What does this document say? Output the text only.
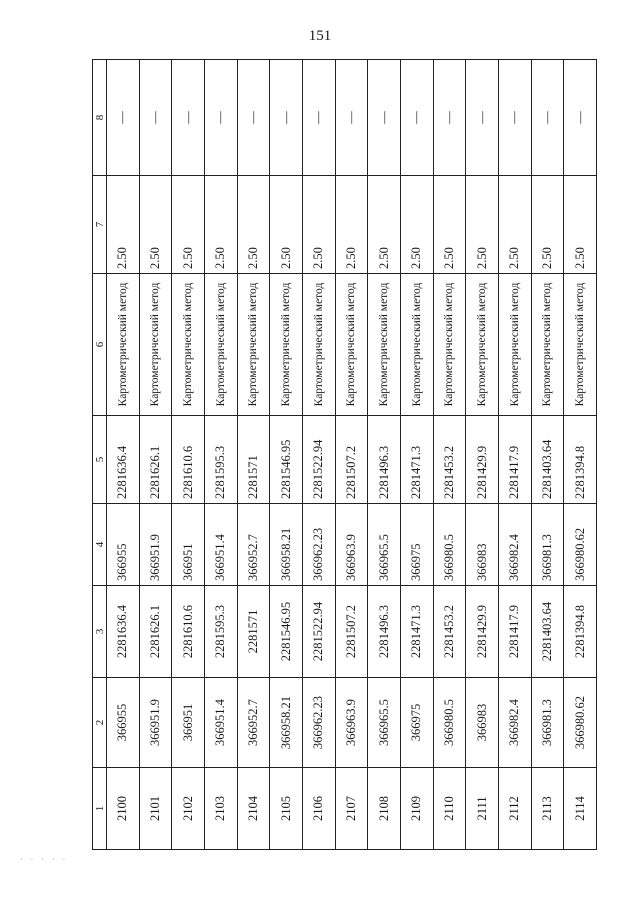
151
1	2	3	4	5	6	7	8
2100	366955	2281636.4	366955	2281636.4	Картометрический метод	2.50	—
2101	366951.9	2281626.1	366951.9	2281626.1	Картометрический метод	2.50	—
2102	366951	2281610.6	366951	2281610.6	Картометрический метод	2.50	—
2103	366951.4	2281595.3	366951.4	2281595.3	Картометрический метод	2.50	—
2104	366952.7	2281571	366952.7	2281571	Картометрический метод	2.50	—
2105	366958.21	2281546.95	366958.21	2281546.95	Картометрический метод	2.50	—
2106	366962.23	2281522.94	366962.23	2281522.94	Картометрический метод	2.50	—
2107	366963.9	2281507.2	366963.9	2281507.2	Картометрический метод	2.50	—
2108	366965.5	2281496.3	366965.5	2281496.3	Картометрический метод	2.50	—
2109	366975	2281471.3	366975	2281471.3	Картометрический метод	2.50	—
2110	366980.5	2281453.2	366980.5	2281453.2	Картометрический метод	2.50	—
2111	366983	2281429.9	366983	2281429.9	Картометрический метод	2.50	—
2112	366982.4	2281417.9	366982.4	2281417.9	Картометрический метод	2.50	—
2113	366981.3	2281403.64	366981.3	2281403.64	Картометрический метод	2.50	—
2114	366980.62	2281394.8	366980.62	2281394.8	Картометрический метод	2.50	—
· · · · ·
